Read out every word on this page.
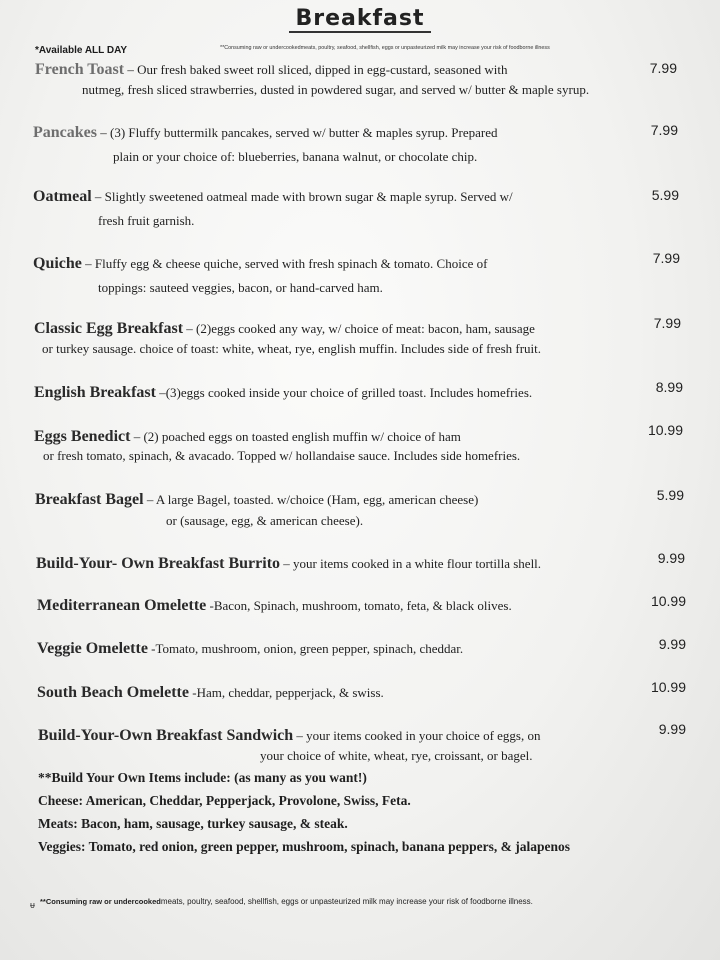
Breakfast
*Available ALL DAY	**Consuming raw or undercookedmeats, poultry, seafood, shellfish, eggs or unpasteurized milk may increase your risk of foodborne illness
French Toast – Our fresh baked sweet roll sliced, dipped in egg-custard, seasoned with
nutmeg, fresh sliced strawberries, dusted in powdered sugar, and served w/ butter & maple syrup.
7.99
Pancakes – (3) Fluffy buttermilk pancakes, served w/ butter & maples syrup. Prepared
plain or your choice of: blueberries, banana walnut, or chocolate chip.
7.99
Oatmeal – Slightly sweetened oatmeal made with brown sugar & maple syrup. Served w/
fresh fruit garnish.
5.99
Quiche – Fluffy egg & cheese quiche, served with fresh spinach & tomato. Choice of
toppings: sauteed veggies, bacon, or hand-carved ham.
7.99
Classic Egg Breakfast – (2)eggs cooked any way, w/ choice of meat: bacon, ham, sausage
or turkey sausage. choice of toast: white, wheat, rye, english muffin. Includes side of fresh fruit.
7.99
English Breakfast –(3)eggs cooked inside your choice of grilled toast. Includes homefries.	8.99
Eggs Benedict – (2) poached eggs on toasted english muffin w/ choice of ham
or fresh tomato, spinach, & avacado. Topped w/ hollandaise sauce. Includes side homefries.
10.99
Breakfast Bagel – A large Bagel, toasted. w/choice (Ham, egg, american cheese)
or (sausage, egg, & american cheese).
5.99
Build-Your- Own Breakfast Burrito – your items cooked in a white flour tortilla shell.	9.99
Mediterranean Omelette -Bacon, Spinach, mushroom, tomato, feta, & black olives.	10.99
Veggie Omelette -Tomato, mushroom, onion, green pepper, spinach, cheddar.	9.99
South Beach Omelette -Ham, cheddar, pepperjack, & swiss.	10.99
Build-Your-Own Breakfast Sandwich – your items cooked in your choice of eggs, on
your choice of white, wheat, rye, croissant, or bagel.
9.99
**Build Your Own Items include: (as many as you want!)
Cheese: American, Cheddar, Pepperjack, Provolone, Swiss, Feta.
Meats: Bacon, ham, sausage, turkey sausage, & steak.
Veggies: Tomato, red onion, green pepper, mushroom, spinach, banana peppers, & jalapenos
ᵾ **Consuming raw or undercookedmeats, poultry, seafood, shellfish, eggs or unpasteurized milk may increase your risk of foodborne illness.
